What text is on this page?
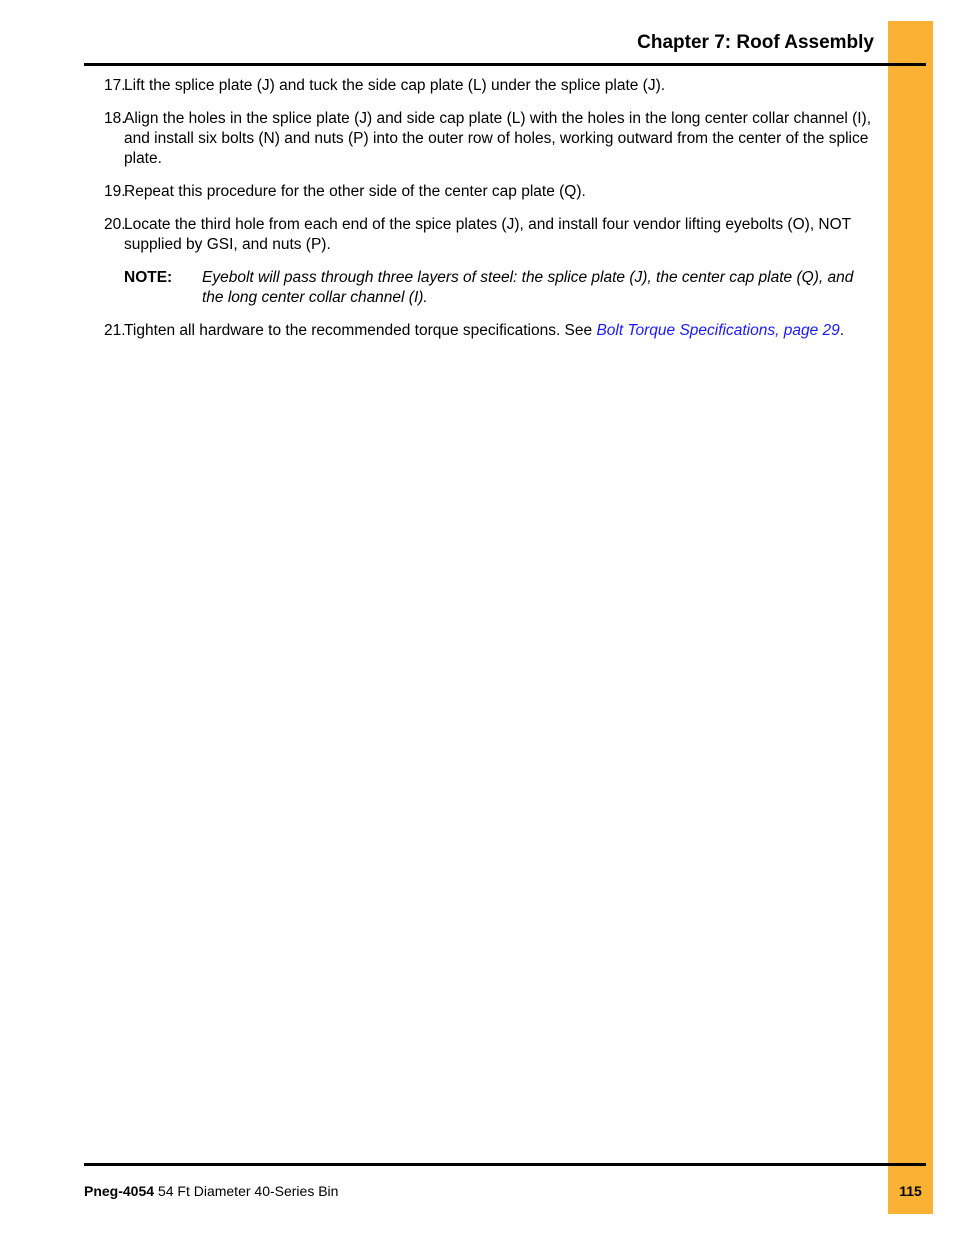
Chapter 7: Roof Assembly
17.
Lift the splice plate (J) and tuck the side cap plate (L) under the splice plate (J).
18.
Align the holes in the splice plate (J) and side cap plate (L) with the holes in the long center collar channel (I), and install six bolts (N) and nuts (P) into the outer row of holes, working outward from the center of the splice plate.
19.
Repeat this procedure for the other side of the center cap plate (Q).
20.
Locate the third hole from each end of the spice plates (J), and install four vendor lifting eyebolts (O), NOT supplied by GSI, and nuts (P).
NOTE: Eyebolt will pass through three layers of steel: the splice plate (J), the center cap plate (Q), and the long center collar channel (I).
21.
Tighten all hardware to the recommended torque specifications. See Bolt Torque Specifications, page 29.
Pneg-4054 54 Ft Diameter 40-Series Bin	115
